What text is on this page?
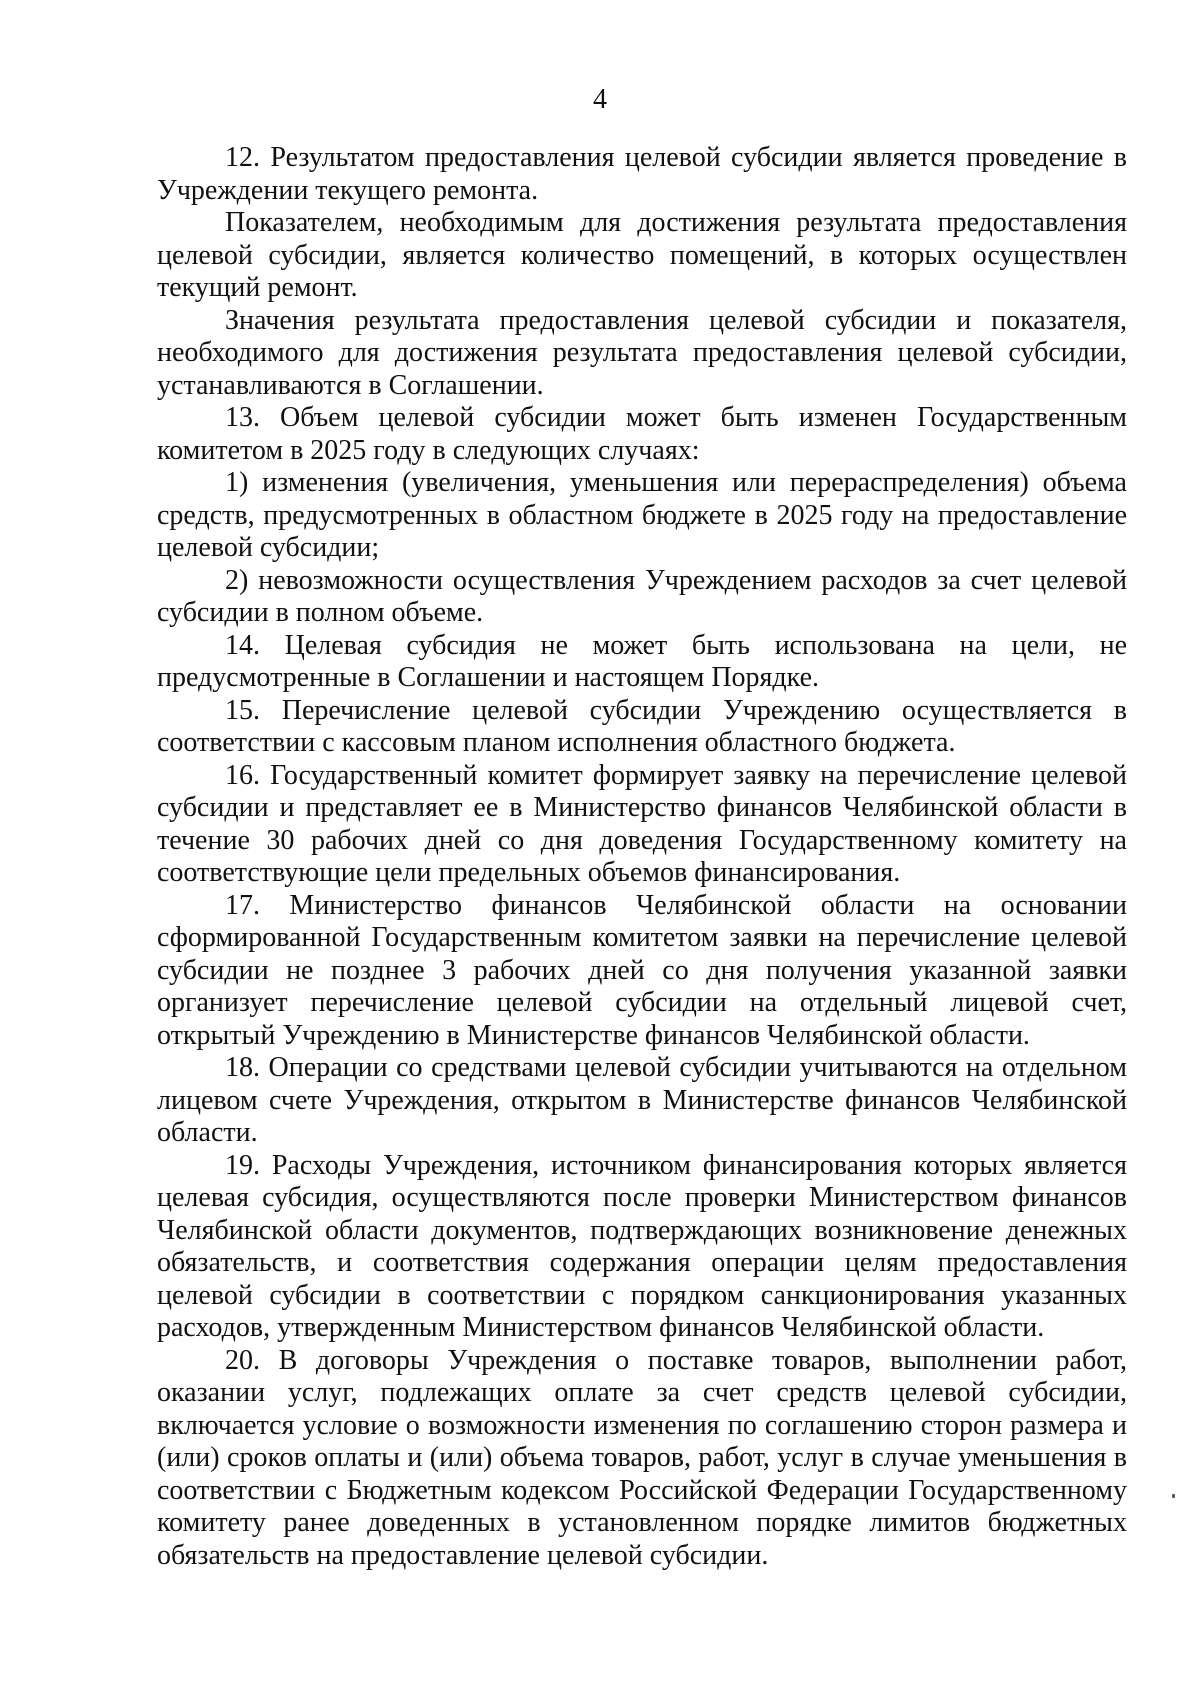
4

12. Результатом предоставления целевой субсидии является проведение в Учреждении текущего ремонта.

Показателем, необходимым для достижения результата предоставления целевой субсидии, является количество помещений, в которых осуществлен текущий ремонт.

Значения результата предоставления целевой субсидии и показателя, необходимого для достижения результата предоставления целевой субсидии, устанавливаются в Соглашении.

13. Объем целевой субсидии может быть изменен Государственным комитетом в 2025 году в следующих случаях:

1) изменения (увеличения, уменьшения или перераспределения) объема средств, предусмотренных в областном бюджете в 2025 году на предоставление целевой субсидии;

2) невозможности осуществления Учреждением расходов за счет целевой субсидии в полном объеме.

14. Целевая субсидия не может быть использована на цели, не предусмотренные в Соглашении и настоящем Порядке.

15. Перечисление целевой субсидии Учреждению осуществляется в соответствии с кассовым планом исполнения областного бюджета.

16. Государственный комитет формирует заявку на перечисление целевой субсидии и представляет ее в Министерство финансов Челябинской области в течение 30 рабочих дней со дня доведения Государственному комитету на соответствующие цели предельных объемов финансирования.

17. Министерство финансов Челябинской области на основании сформированной Государственным комитетом заявки на перечисление целевой субсидии не позднее 3 рабочих дней со дня получения указанной заявки организует перечисление целевой субсидии на отдельный лицевой счет, открытый Учреждению в Министерстве финансов Челябинской области.

18. Операции со средствами целевой субсидии учитываются на отдельном лицевом счете Учреждения, открытом в Министерстве финансов Челябинской области.

19. Расходы Учреждения, источником финансирования которых является целевая субсидия, осуществляются после проверки Министерством финансов Челябинской области документов, подтверждающих возникновение денежных обязательств, и соответствия содержания операции целям предоставления целевой субсидии в соответствии с порядком санкционирования указанных расходов, утвержденным Министерством финансов Челябинской области.

20. В договоры Учреждения о поставке товаров, выполнении работ, оказании услуг, подлежащих оплате за счет средств целевой субсидии, включается условие о возможности изменения по соглашению сторон размера и (или) сроков оплаты и (или) объема товаров, работ, услуг в случае уменьшения в соответствии с Бюджетным кодексом Российской Федерации Государственному комитету ранее доведенных в установленном порядке лимитов бюджетных обязательств на предоставление целевой субсидии.
